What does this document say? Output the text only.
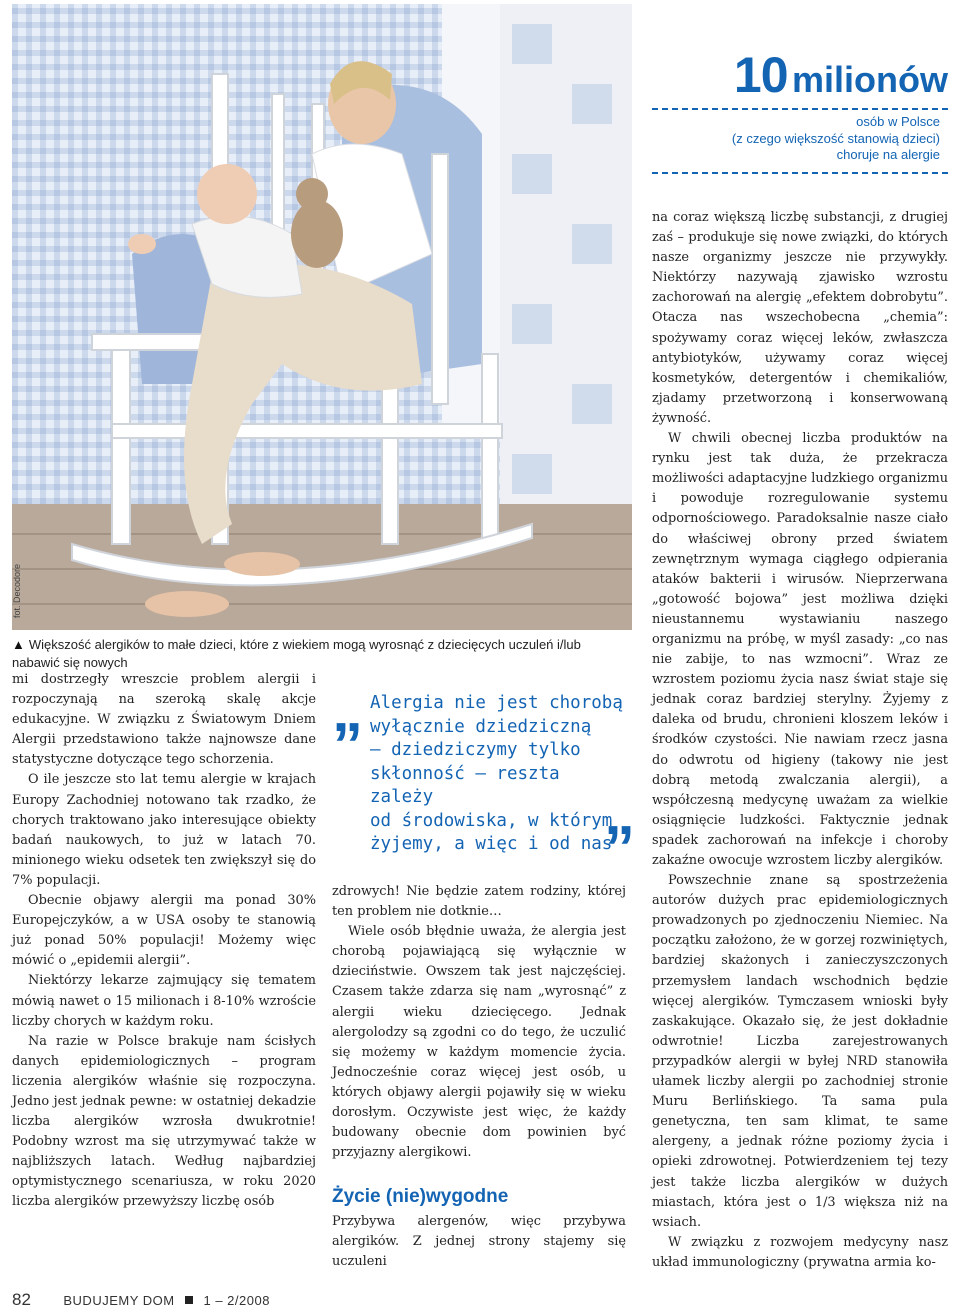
fot. Decodore
▲ Większość alergików to małe dzieci, które z wiekiem mogą wyrosnąć z dziecięcych uczuleń i/lub nabawić się nowych
10 milionów
osób w Polsce
(z czego większość stanowią dzieci)
choruje na alergie

mi dostrzegły wreszcie problem alergii i rozpoczynają na szeroką skalę akcje edukacyjne. W związku z Światowym Dniem Alergii przedstawiono także najnowsze dane statystyczne dotyczące tego schorzenia.

O ile jeszcze sto lat temu alergie w krajach Europy Zachodniej notowano tak rzadko, że chorych traktowano jako interesujące obiekty badań naukowych, to już w latach 70. minionego wieku odsetek ten zwiększył się do 7% populacji.

Obecnie objawy alergii ma ponad 30% Europejczyków, a w USA osoby te stanowią już ponad 50% populacji! Możemy więc mówić o „epidemii alergii”.

Niektórzy lekarze zajmujący się tematem mówią nawet o 15 milionach i 8-10% wzroście liczby chorych w każdym roku.

Na razie w Polsce brakuje nam ścisłych danych epidemiologicznych – program liczenia alergików właśnie się rozpoczyna. Jedno jest jednak pewne: w ostatniej dekadzie liczba alergików wzrosła dwukrotnie! Podobny wzrost ma się utrzymywać także w najbliższych latach. Według najbardziej optymistycznego scenariusza, w roku 2020 liczba alergików przewyższy liczbę osób

„ Alergia nie jest chorobą
wyłącznie dziedziczną
– dziedziczymy tylko
skłonność – reszta zależy
od środowiska, w którym
żyjemy, a więc i od nas
”

zdrowych! Nie będzie zatem rodziny, której ten problem nie dotknie…

Wiele osób błędnie uważa, że alergia jest chorobą pojawiającą się wyłącznie w dzieciństwie. Owszem tak jest najczęściej. Czasem także zdarza się nam „wyrosnąć” z alergii wieku dziecięcego. Jednak alergolodzy są zgodni co do tego, że uczulić się możemy w każdym momencie życia. Jednocześnie coraz więcej jest osób, u których objawy alergii pojawiły się w wieku dorosłym. Oczywiste jest więc, że każdy budowany obecnie dom powinien być przyjazny alergikowi.

Życie (nie)wygodne

Przybywa alergenów, więc przybywa alergików. Z jednej strony stajemy się uczuleni

na coraz większą liczbę substancji, z drugiej zaś – produkuje się nowe związki, do których nasze organizmy jeszcze nie przywykły. Niektórzy nazywają zjawisko wzrostu zachorowań na alergię „efektem dobrobytu”. Otacza nas wszechobecna „chemia”: spożywamy coraz więcej leków, zwłaszcza antybiotyków, używamy coraz więcej kosmetyków, detergentów i chemikaliów, zjadamy przetworzoną i konserwowaną żywność.

W chwili obecnej liczba produktów na rynku jest tak duża, że przekracza możliwości adaptacyjne ludzkiego organizmu i powoduje rozregulowanie systemu odpornościowego. Paradoksalnie nasze ciało do właściwej obrony przed światem zewnętrznym wymaga ciągłego odpierania ataków bakterii i wirusów. Nieprzerwana „gotowość bojowa” jest możliwa dzięki nieustannemu wystawianiu naszego organizmu na próbę, w myśl zasady: „co nas nie zabije, to nas wzmocni”. Wraz ze wzrostem poziomu życia nasz świat staje się jednak coraz bardziej sterylny. Żyjemy z daleka od brudu, chronieni kloszem leków i środków czystości. Nie nawiam rzecz jasna do odwrotu od higieny (takowy nie jest dobrą metodą zwalczania alergii), a współczesną medycynę uważam za wielkie osiągnięcie ludzkości. Faktycznie jednak spadek zachorowań na infekcje i choroby zakaźne owocuje wzrostem liczby alergików.

Powszechnie znane są spostrzeżenia autorów dużych prac epidemiologicznych prowadzonych po zjednoczeniu Niemiec. Na początku założono, że w gorzej rozwiniętych, bardziej skażonych i zanieczyszczonych przemysłem landach wschodnich będzie więcej alergików. Tymczasem wnioski były zaskakujące. Okazało się, że jest dokładnie odwrotnie! Liczba zarejestrowanych przypadków alergii w byłej NRD stanowiła ułamek liczby alergii po zachodniej stronie Muru Berlińskiego. Ta sama pula genetyczna, ten sam klimat, te same alergeny, a jednak różne poziomy życia i opieki zdrowotnej. Potwierdzeniem tej tezy jest także liczba alergików w dużych miastach, która jest o 1/3 większa niż na wsiach.

W związku z rozwojem medycyny nasz układ immunologiczny (prywatna armia ko-

82 BUDUJEMY DOM 1 – 2/2008
